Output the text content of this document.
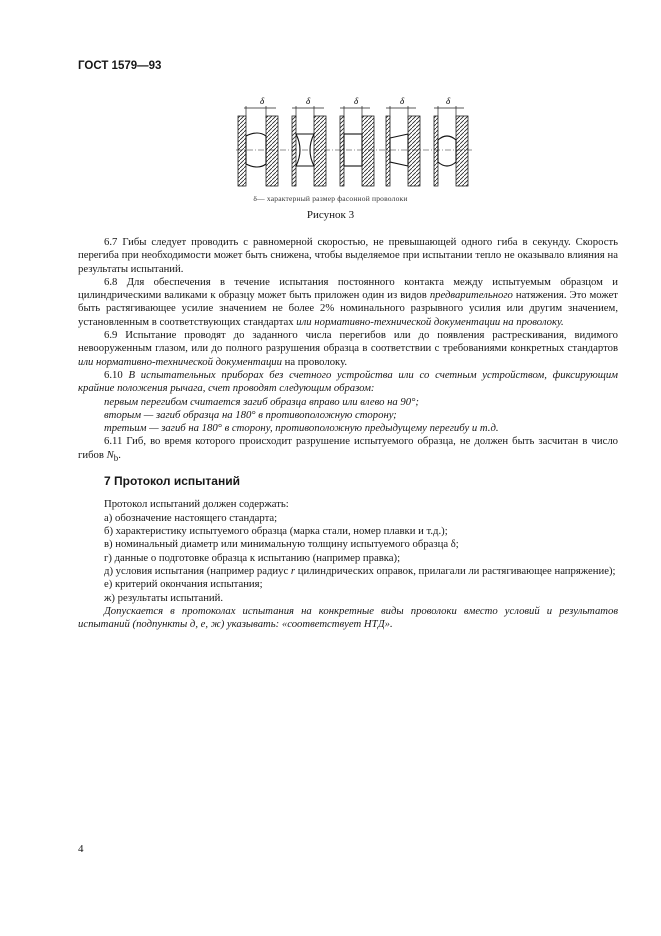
ГОСТ 1579—93
δ	δ	δ	δ	δ
δ— характерный размер фасонной проволоки
Рисунок 3

6.7 Гибы следует проводить с равномерной скоростью, не превышающей одного гиба в секунду. Скорость перегиба при необходимости может быть снижена, чтобы выделяемое при испытании тепло не оказывало влияния на результаты испытаний.

6.8 Для обеспечения в течение испытания постоянного контакта между испытуемым образцом и цилиндрическими валиками к образцу может быть приложен один из видов предварительного натяжения. Это может быть растягивающее усилие значением не более 2% номинального разрывного усилия или другим значением, установленным в соответствующих стандартах или нормативно-технической документации на проволоку.

6.9 Испытание проводят до заданного числа перегибов или до появления растрескивания, видимого невооруженным глазом, или до полного разрушения образца в соответствии с требованиями конкретных стандартов или нормативно-технической документации на проволоку.

6.10 В испытательных приборах без счетного устройства или со счетным устройством, фиксирующим крайние положения рычага, счет проводят следующим образом:

первым перегибом считается загиб образца вправо или влево на 90°;

вторым — загиб образца на 180° в противоположную сторону;

третьим — загиб на 180° в сторону, противоположную предыдущему перегибу и т.д.

6.11 Гиб, во время которого происходит разрушение испытуемого образца, не должен быть засчитан в число гибов $N_b$.

7 Протокол испытаний

Протокол испытаний должен содержать:

а) обозначение настоящего стандарта;

б) характеристику испытуемого образца (марка стали, номер плавки и т.д.);

в) номинальный диаметр или минимальную толщину испытуемого образца δ;

г) данные о подготовке образца к испытанию (например правка);

д) условия испытания (например радиус r цилиндрических оправок, прилагали ли растягивающее напряжение);

е) критерий окончания испытания;

ж) результаты испытаний.

Допускается в протоколах испытания на конкретные виды проволоки вместо условий и результатов испытаний (подпункты д, е, ж) указывать: «соответствует НТД».

4
